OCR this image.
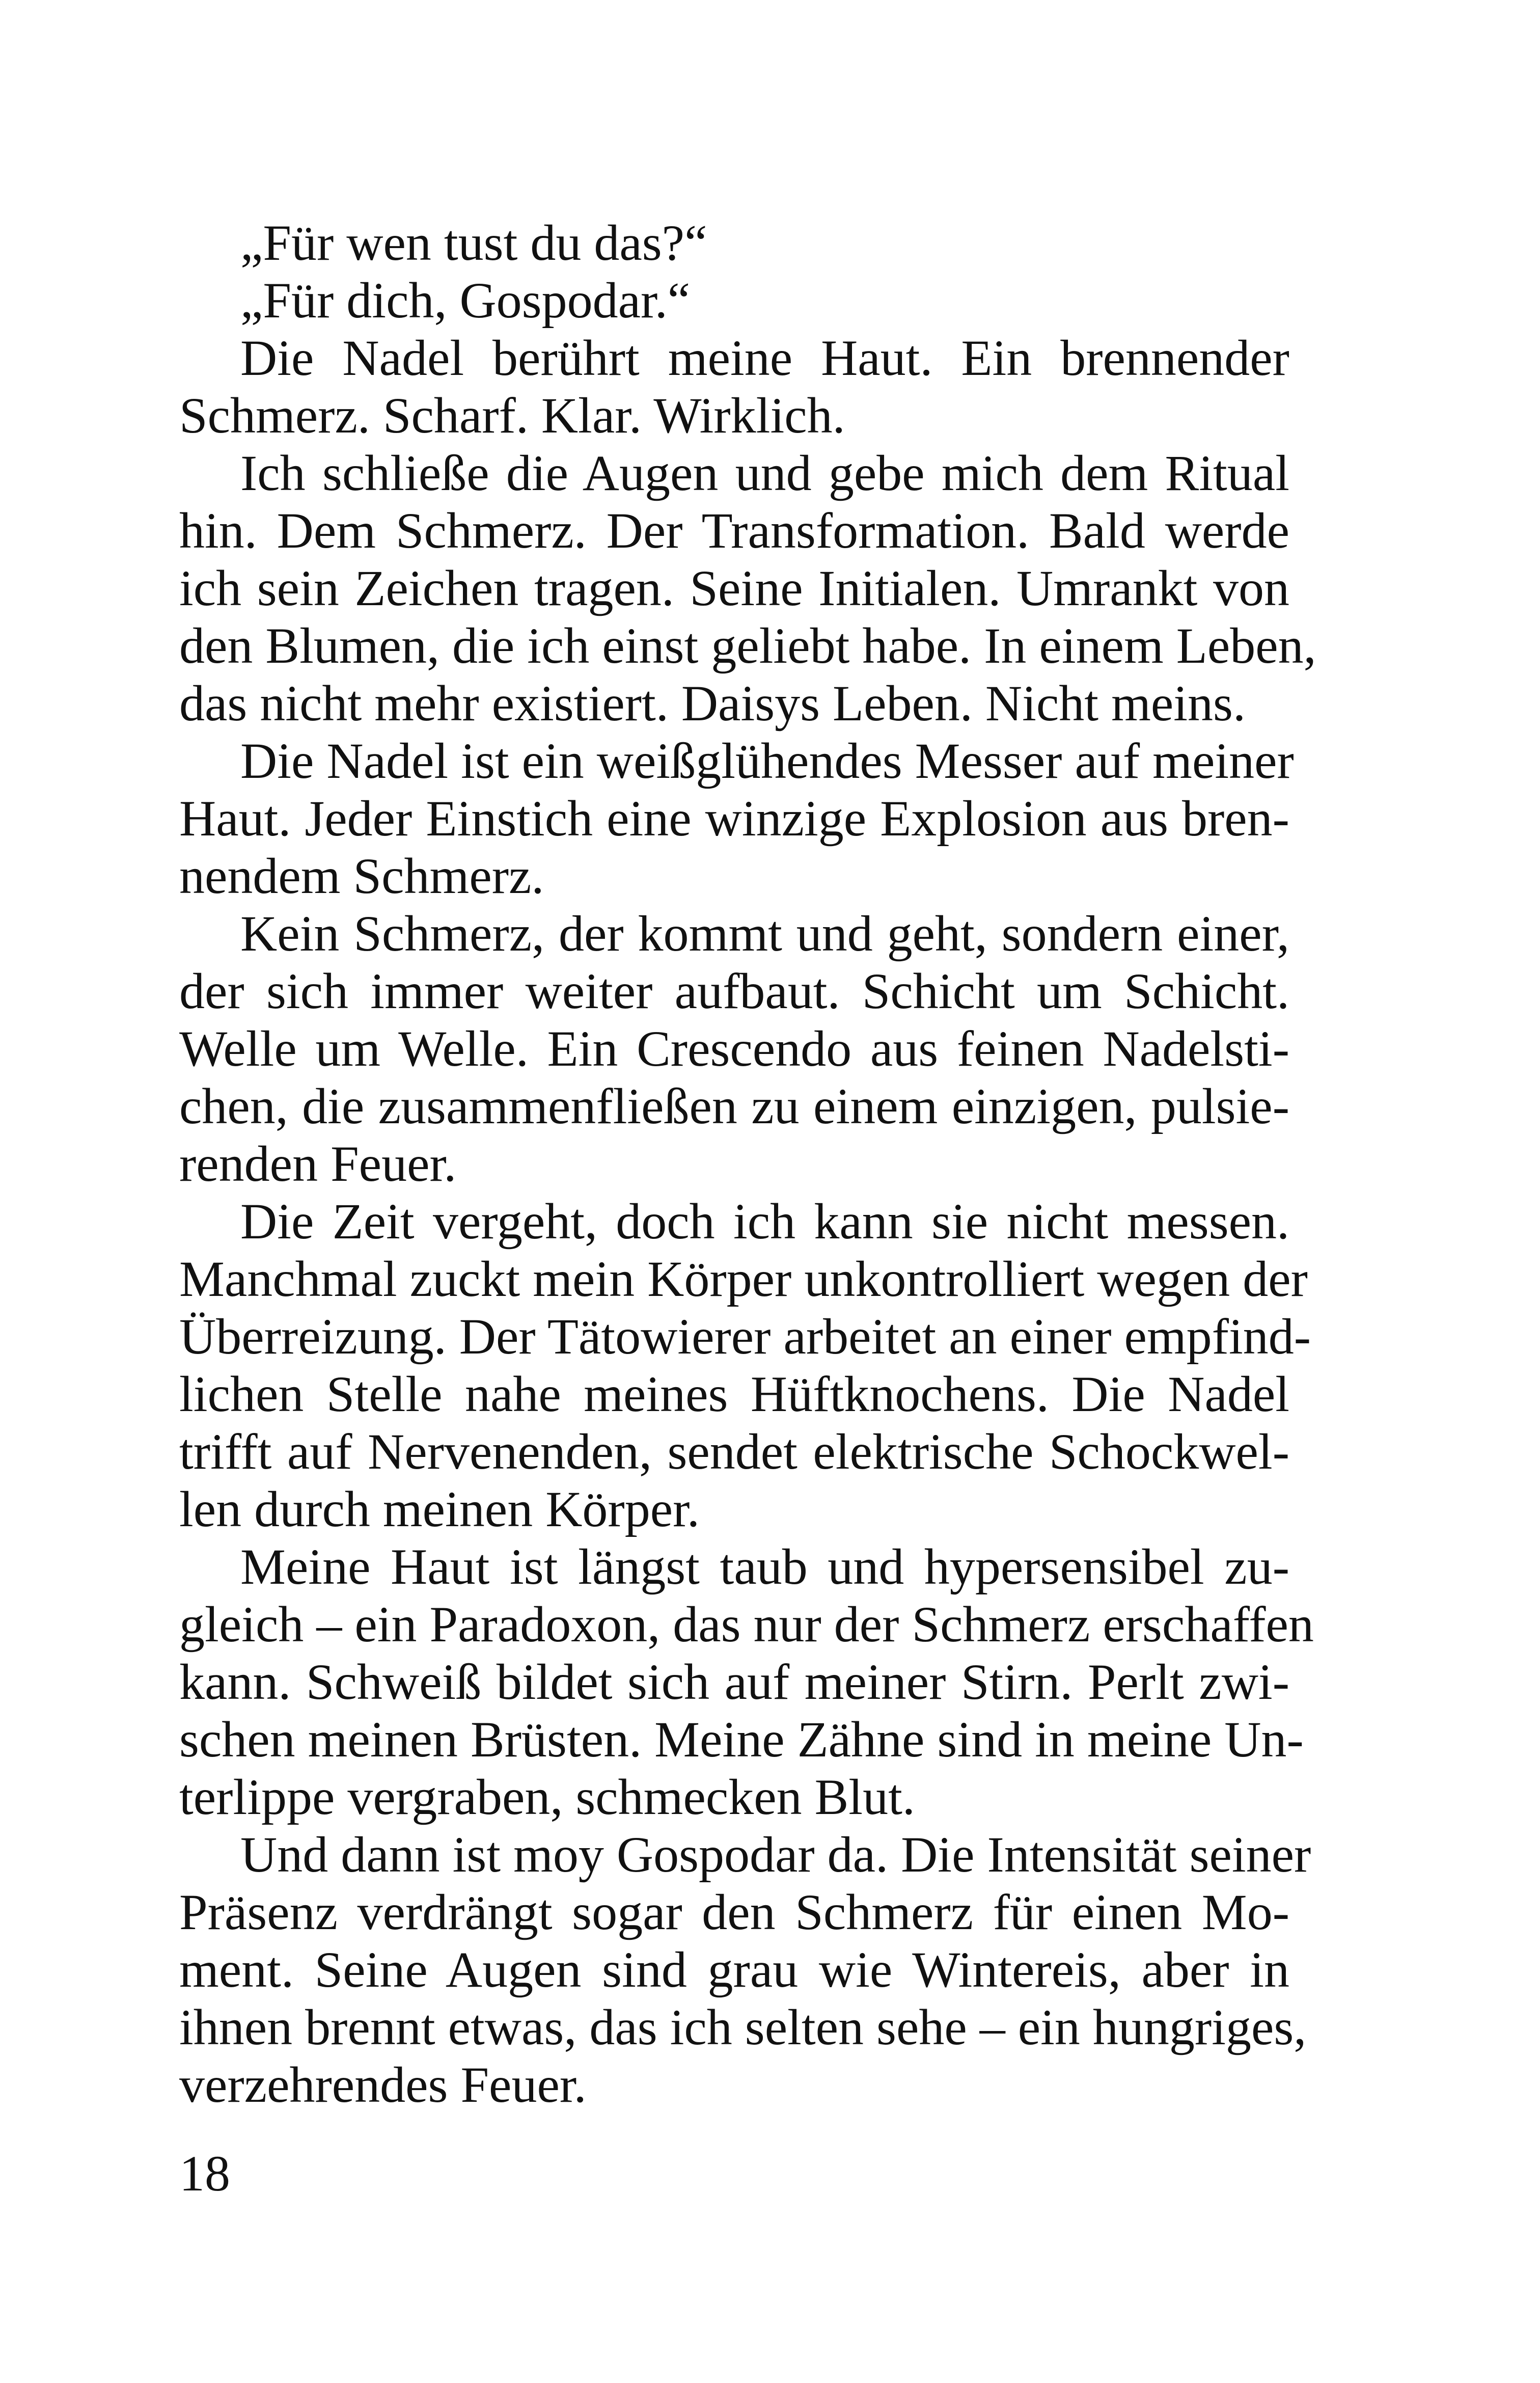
„Für wen tust du das?“
„Für dich, Gospodar.“
Die Nadel berührt meine Haut. Ein brennender
Schmerz. Scharf. Klar. Wirklich.
Ich schließe die Augen und gebe mich dem Ritual
hin. Dem Schmerz. Der Transformation. Bald werde
ich sein Zeichen tragen. Seine Initialen. Umrankt von
den Blumen, die ich einst geliebt habe. In einem Leben,
das nicht mehr existiert. Daisys Leben. Nicht meins.
Die Nadel ist ein weißglühendes Messer auf meiner
Haut. Jeder Einstich eine winzige Explosion aus bren-
nendem Schmerz.
Kein Schmerz, der kommt und geht, sondern einer,
der sich immer weiter aufbaut. Schicht um Schicht.
Welle um Welle. Ein Crescendo aus feinen Nadelsti-
chen, die zusammenfließen zu einem einzigen, pulsie-
renden Feuer.
Die Zeit vergeht, doch ich kann sie nicht messen.
Manchmal zuckt mein Körper unkontrolliert wegen der
Überreizung. Der Tätowierer arbeitet an einer empfind-
lichen Stelle nahe meines Hüftknochens. Die Nadel
trifft auf Nervenenden, sendet elektrische Schockwel-
len durch meinen Körper.
Meine Haut ist längst taub und hypersensibel zu-
gleich – ein Paradoxon, das nur der Schmerz erschaffen
kann. Schweiß bildet sich auf meiner Stirn. Perlt zwi-
schen meinen Brüsten. Meine Zähne sind in meine Un-
terlippe vergraben, schmecken Blut.
Und dann ist moy Gospodar da. Die Intensität seiner
Präsenz verdrängt sogar den Schmerz für einen Mo-
ment. Seine Augen sind grau wie Wintereis, aber in
ihnen brennt etwas, das ich selten sehe – ein hungriges,
verzehrendes Feuer.
18
